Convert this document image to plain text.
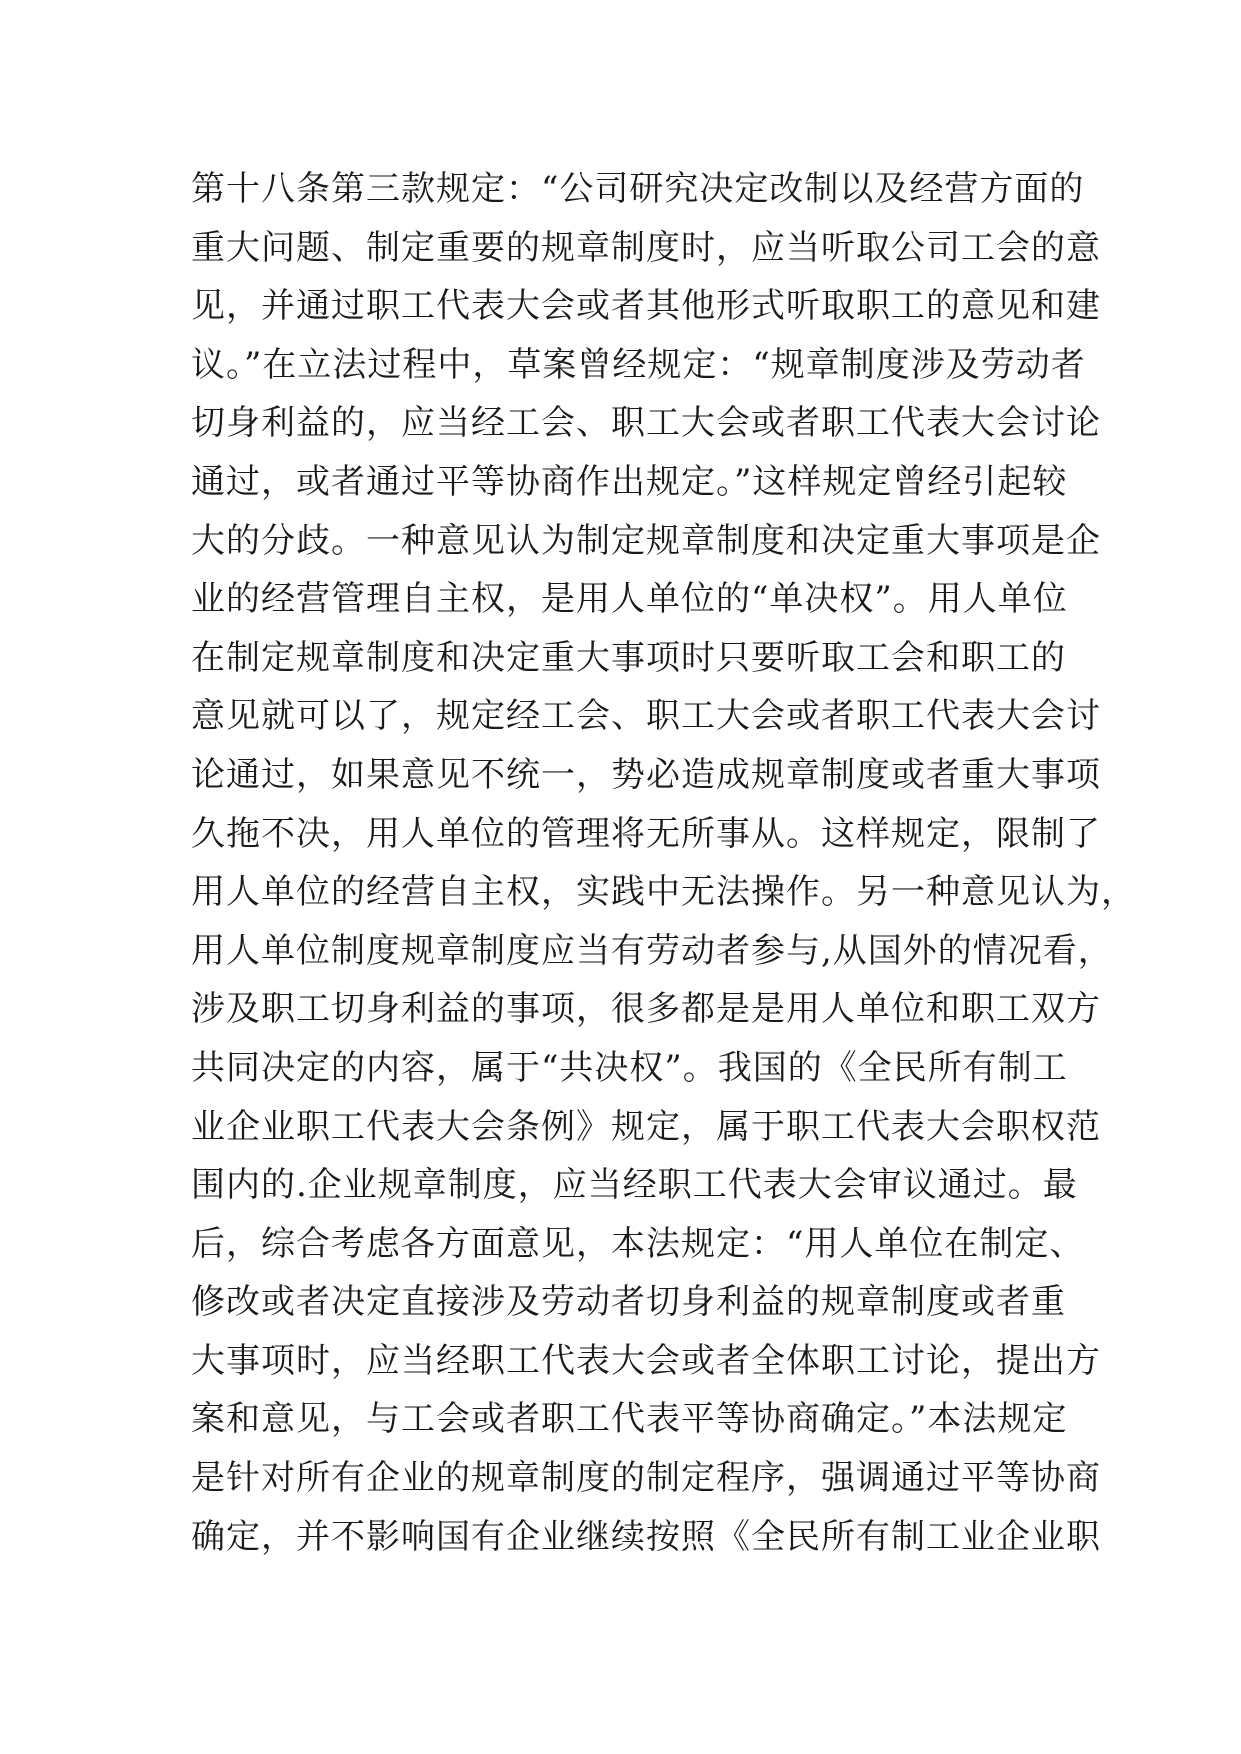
第十八条第三款规定：“公司研究决定改制以及经营方面的
重大问题、制定重要的规章制度时，应当听取公司工会的意
见，并通过职工代表大会或者其他形式听取职工的意见和建
议。”在立法过程中，草案曾经规定：“规章制度涉及劳动者
切身利益的，应当经工会、职工大会或者职工代表大会讨论
通过，或者通过平等协商作出规定。”这样规定曾经引起较
大的分歧。一种意见认为制定规章制度和决定重大事项是企
业的经营管理自主权，是用人单位的“单决权”。用人单位
在制定规章制度和决定重大事项时只要听取工会和职工的
意见就可以了，规定经工会、职工大会或者职工代表大会讨
论通过，如果意见不统一，势必造成规章制度或者重大事项
久拖不决，用人单位的管理将无所事从。这样规定，限制了
用人单位的经营自主权，实践中无法操作。另一种意见认为，
用人单位制度规章制度应当有劳动者参与,从国外的情况看，
涉及职工切身利益的事项，很多都是是用人单位和职工双方
共同决定的内容，属于“共决权”。我国的《全民所有制工
业企业职工代表大会条例》规定，属于职工代表大会职权范
围内的.企业规章制度，应当经职工代表大会审议通过。最
后，综合考虑各方面意见，本法规定：“用人单位在制定、
修改或者决定直接涉及劳动者切身利益的规章制度或者重
大事项时，应当经职工代表大会或者全体职工讨论，提出方
案和意见，与工会或者职工代表平等协商确定。”本法规定
是针对所有企业的规章制度的制定程序，强调通过平等协商
确定，并不影响国有企业继续按照《全民所有制工业企业职
